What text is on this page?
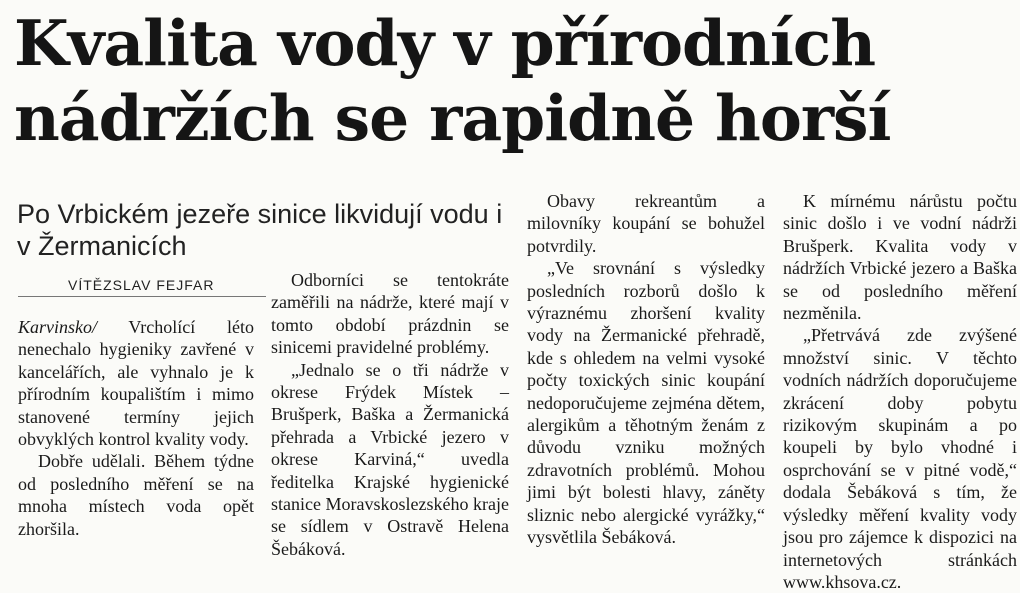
Kvalita vody v přírodních
nádržích se rapidně horší
Po Vrbickém jezeře sinice likvidují vodu i v Žermanicích
VÍTĚZSLAV FEJFAR

Karvinsko/ Vrcholící léto nenechalo hygieniky zavřené v kancelářích, ale vyhnalo je k přírodním koupalištím i mimo stanovené termíny jejich obvyklých kontrol kvality vody.

Dobře udělali. Během týdne od posledního měření se na mnoha místech voda opět zhoršila.

Odborníci se tentokráte zaměřili na nádrže, které mají v tomto období prázdnin se sinicemi pravidelné problémy.

„Jednalo se o tři nádrže v okrese Frýdek Místek – Brušperk, Baška a Žermanická přehrada a Vrbické jezero v okrese Karviná,“ uvedla ředitelka Krajské hygienické stanice Moravskoslezského kraje se sídlem v Ostravě Helena Šebáková.

Obavy rekreantům a milovníky koupání se bohužel potvrdily.

„Ve srovnání s výsledky posledních rozborů došlo k výraznému zhoršení kvality vody na Žermanické přehradě, kde s ohledem na velmi vysoké počty toxických sinic koupání nedoporučujeme zejména dětem, alergikům a těhotným ženám z důvodu vzniku možných zdravotních problémů. Mohou jimi být bolesti hlavy, záněty sliznic nebo alergické vyrážky,“ vysvětlila Šebáková.

K mírnému nárůstu počtu sinic došlo i ve vodní nádrži Brušperk. Kvalita vody v nádržích Vrbické jezero a Baška se od posledního měření nezměnila.

„Přetrvává zde zvýšené množství sinic. V těchto vodních nádržích doporučujeme zkrácení doby pobytu rizikovým skupinám a po koupeli by bylo vhodné i osprchování se v pitné vodě,“ dodala Šebáková s tím, že výsledky měření kvality vody jsou pro zájemce k dispozici na internetových stránkách www.khsova.cz.
